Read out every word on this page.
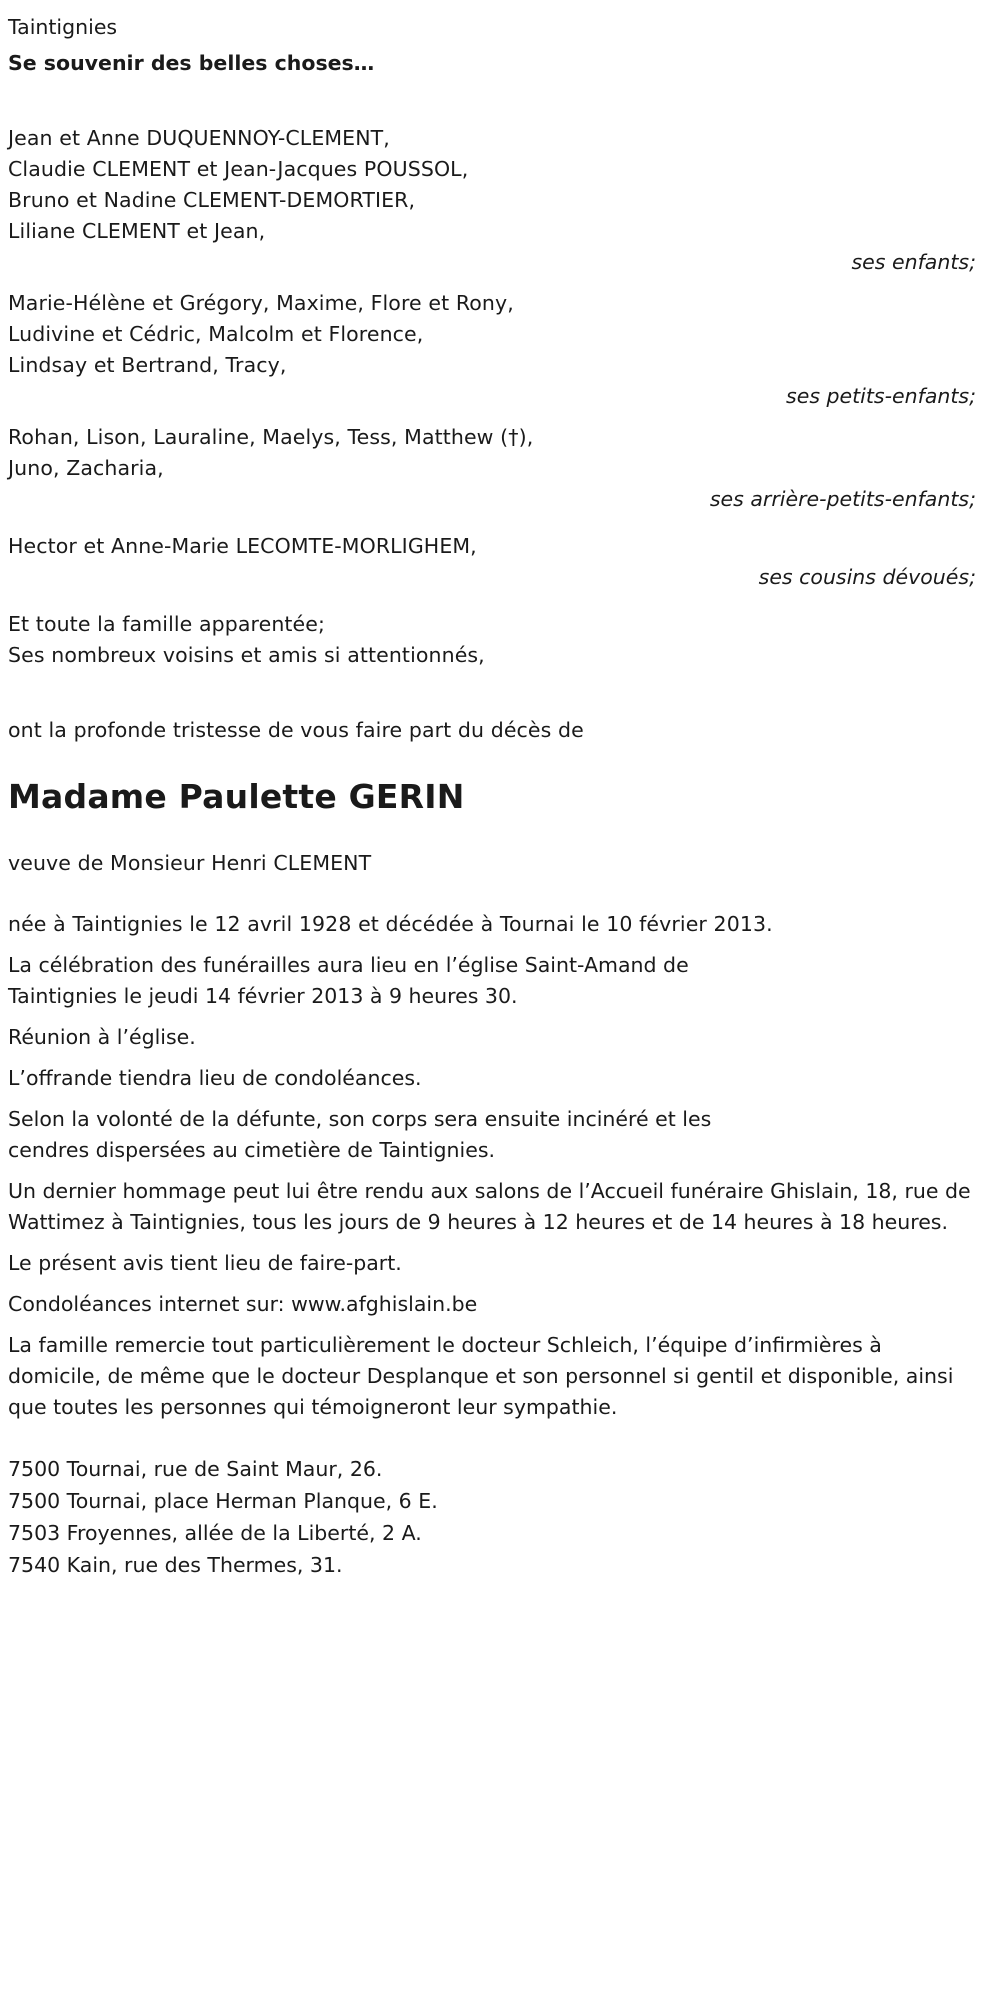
Taintignies
Se souvenir des belles choses…
Jean et Anne DUQUENNOY-CLEMENT,
Claudie CLEMENT et Jean-Jacques POUSSOL,
Bruno et Nadine CLEMENT-DEMORTIER,
Liliane CLEMENT et Jean,
ses enfants;
Marie-Hélène et Grégory, Maxime, Flore et Rony,
Ludivine et Cédric, Malcolm et Florence,
Lindsay et Bertrand, Tracy,
ses petits-enfants;
Rohan, Lison, Lauraline, Maelys, Tess, Matthew (†),
Juno, Zacharia,
ses arrière-petits-enfants;
Hector et Anne-Marie LECOMTE-MORLIGHEM,
ses cousins dévoués;
Et toute la famille apparentée;
Ses nombreux voisins et amis si attentionnés,
ont la profonde tristesse de vous faire part du décès de
Madame Paulette GERIN
veuve de Monsieur Henri CLEMENT
née à Taintignies le 12 avril 1928 et décédée à Tournai le 10 février 2013.

La célébration des funérailles aura lieu en l’église Saint-Amand de Taintignies le jeudi 14 février 2013 à 9 heures 30.

Réunion à l’église.

L’offrande tiendra lieu de condoléances.

Selon la volonté de la défunte, son corps sera ensuite incinéré et les cendres dispersées au cimetière de Taintignies.

Un dernier hommage peut lui être rendu aux salons de l’Accueil funéraire Ghislain, 18, rue de Wattimez à Taintignies, tous les jours de 9 heures à 12 heures et de 14 heures à 18 heures.

Le présent avis tient lieu de faire-part.

Condoléances internet sur: www.afghislain.be

La famille remercie tout particulièrement le docteur Schleich, l’équipe d’infirmières à domicile, de même que le docteur Desplanque et son personnel si gentil et disponible, ainsi que toutes les personnes qui témoigneront leur sympathie.

7500 Tournai, rue de Saint Maur, 26.
7500 Tournai, place Herman Planque, 6 E.
7503 Froyennes, allée de la Liberté, 2 A.
7540 Kain, rue des Thermes, 31.
